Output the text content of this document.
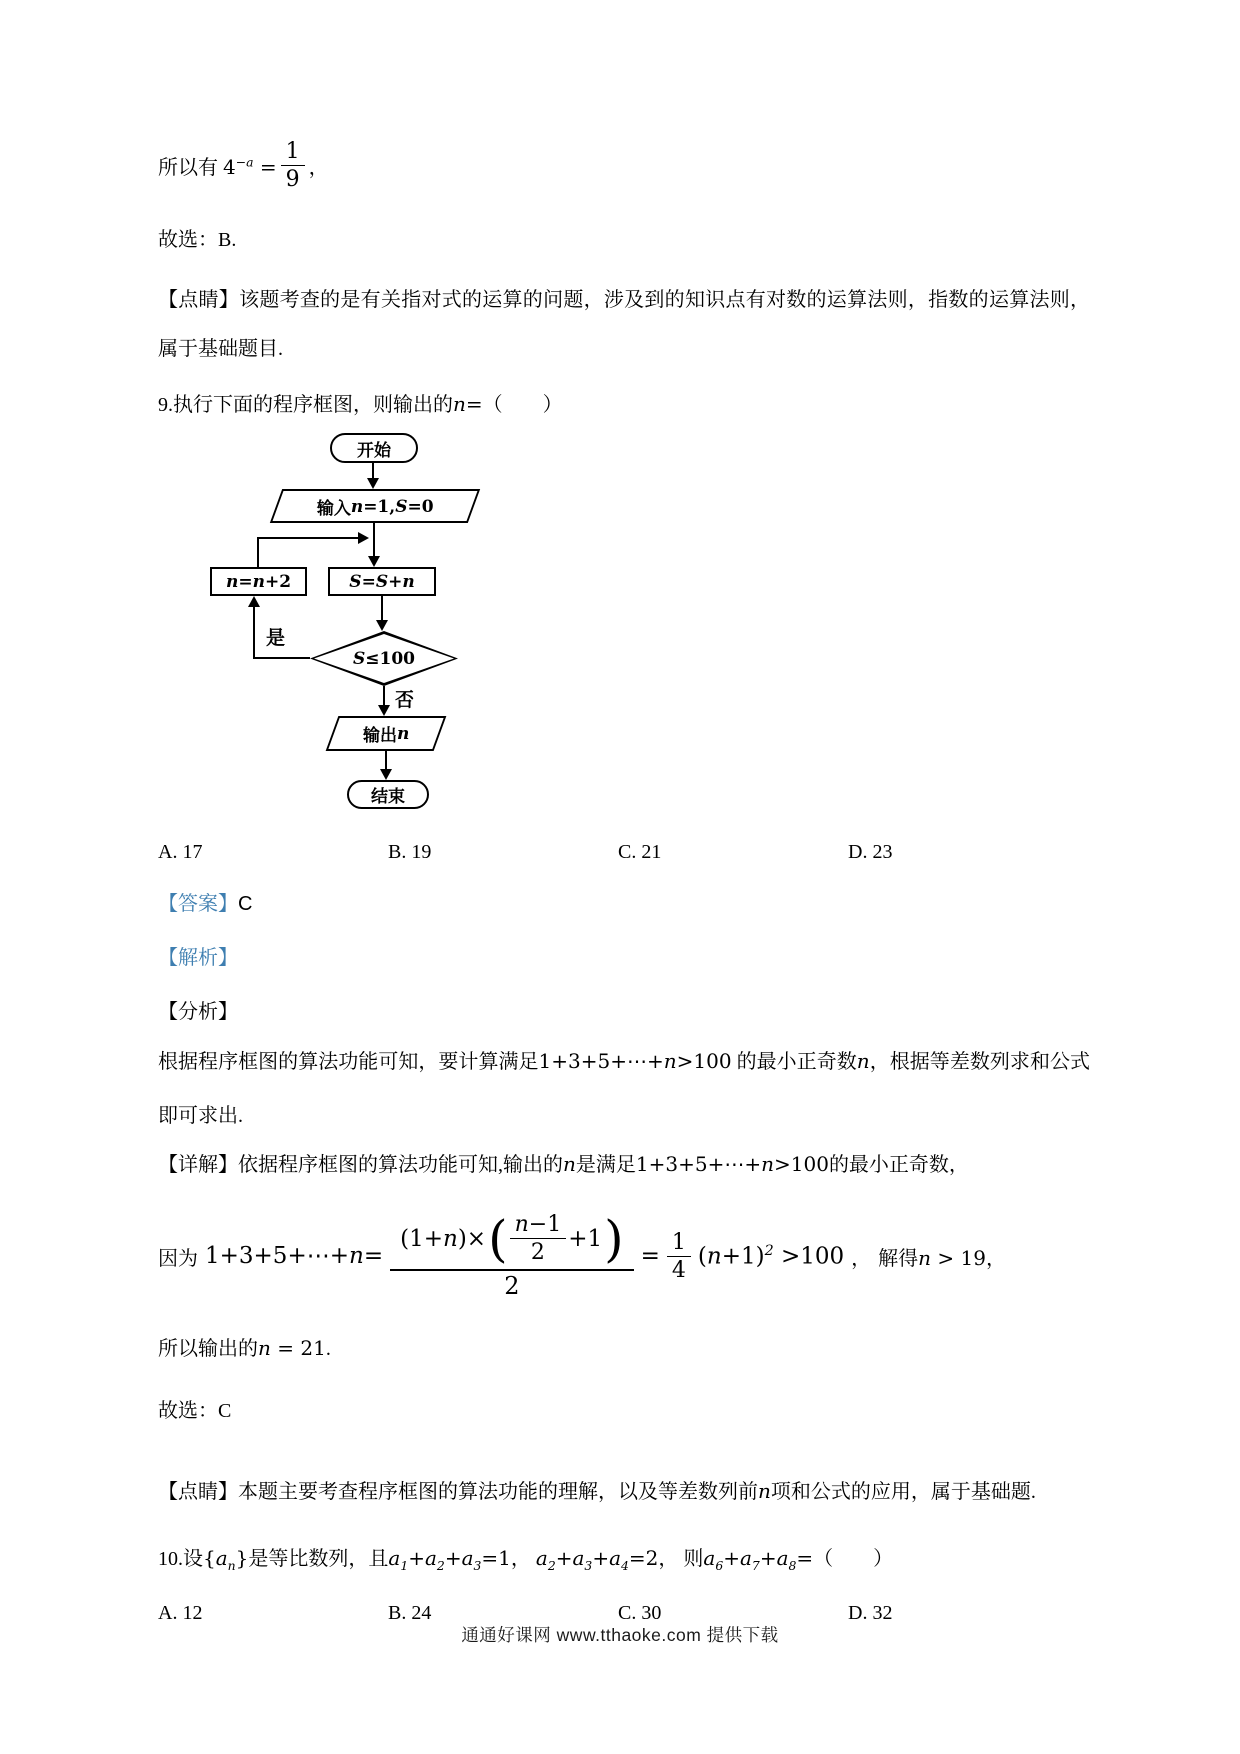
所以有 $4^{-a} = \frac{1}{9}$ ，
故选：B.
【点睛】该题考查的是有关指对式的运算的问题，涉及到的知识点有对数的运算法则，指数的运算法则，属于基础题目.
9.执行下面的程序框图，则输出的n=（　　）
开始
输入 n =1, S =0
n=n+2	S=S+n
S ≤100
是
否
输出 n
结束
A. 17	B. 19	C. 21	D. 23
【答案】C
【解析】
【分析】
根据程序框图的算法功能可知，要计算满足1+3+5+⋯+n>100 的最小正奇数n，根据等差数列求和公式即可求出.
【详解】依据程序框图的算法功能可知,输出的n是满足1+3+5+⋯+n>100的最小正奇数，
因为 1+3+5+⋯+n=
(1+n)× ( $\frac{n-1}{2} +1$ )
2
= $\frac{1}{4} (n+1)^2 >100$ ， 解得n > 19，
所以输出的n = 21.
故选：C
【点睛】本题主要考查程序框图的算法功能的理解，以及等差数列前n项和公式的应用，属于基础题.
10.设$\{a_n\}$是等比数列，且$a_1+a_2+a_3=1$， $a_2+a_3+a_4=2$， 则$a_6+a_7+a_8=$（　　）
A. 12	B. 24	C. 30	D. 32
通通好课网 www.tthaoke.com 提供下载
